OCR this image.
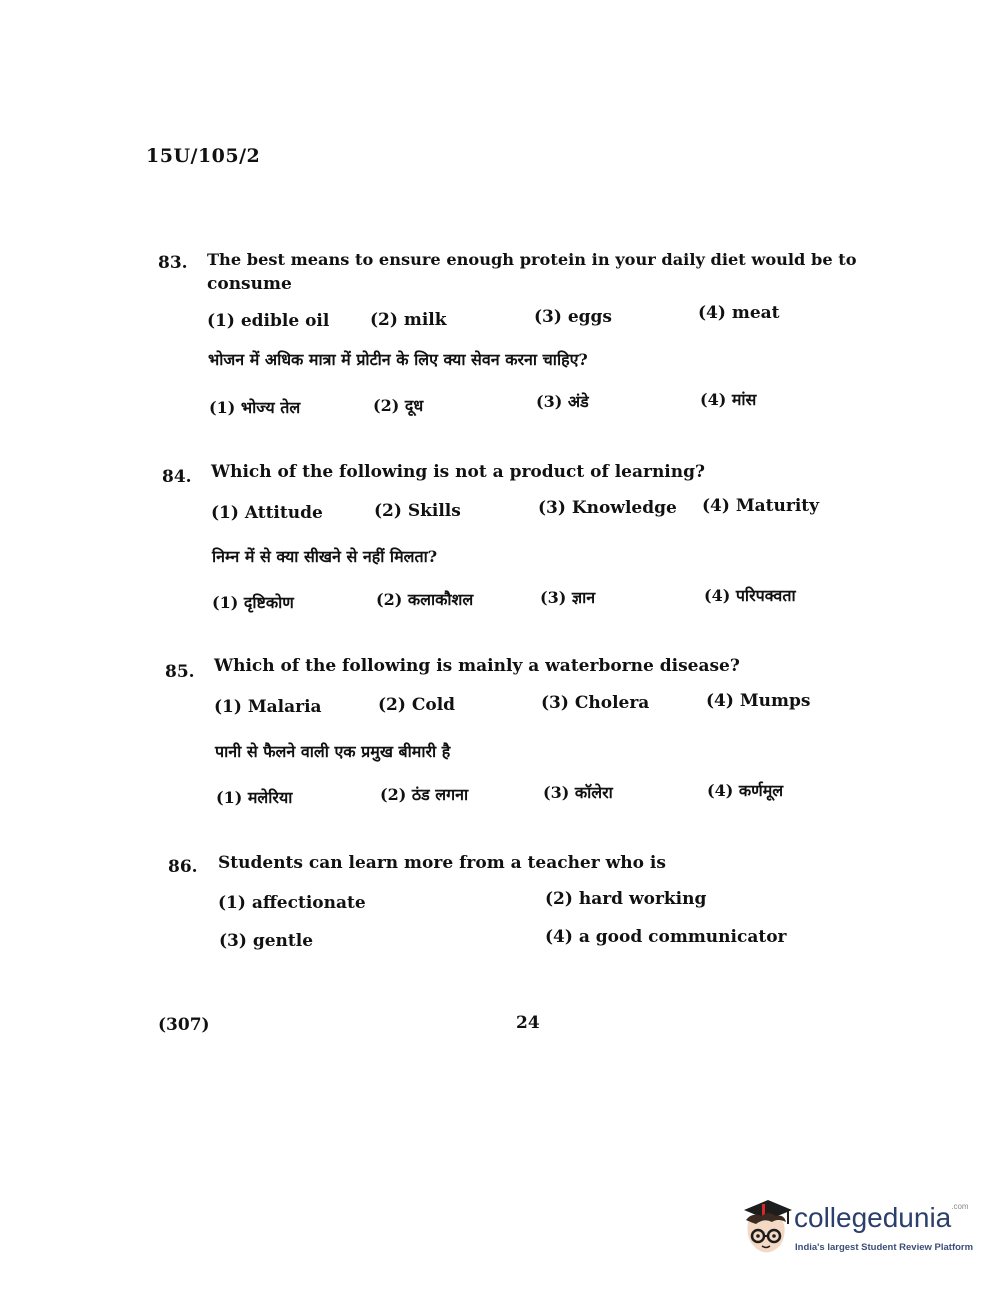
15U/105/2
83. The best means to ensure enough protein in your daily diet would be to
consume
(1) edible oil (2) milk	(3) eggs	(4) meat
भोजन में अधिक मात्रा में प्रोटीन के लिए क्या सेवन करना चाहिए?
(1) भोज्य तेल	(2) दूध	(3) अंडे	(4) मांस
84. Which of the following is not a product of learning?
(1) Attitude	(2) Skills	(3) Knowledge (4) Maturity
निम्न में से क्या सीखने से नहीं मिलता?
(1) दृष्टिकोण	(2) कलाकौशल	(3) ज्ञान	(4) परिपक्वता
85. Which of the following is mainly a waterborne disease?
(1) Malaria	(2) Cold	(3) Cholera	(4) Mumps
पानी से फैलने वाली एक प्रमुख बीमारी है
(1) मलेरिया	(2) ठंड लगना	(3) कॉलेरा	(4) कर्णमूल
86. Students can learn more from a teacher who is
(1) affectionate	(2) hard working
(3) gentle	(4) a good communicator
(307)	24
collegedunia$^{.com}$
India's largest Student Review Platform
